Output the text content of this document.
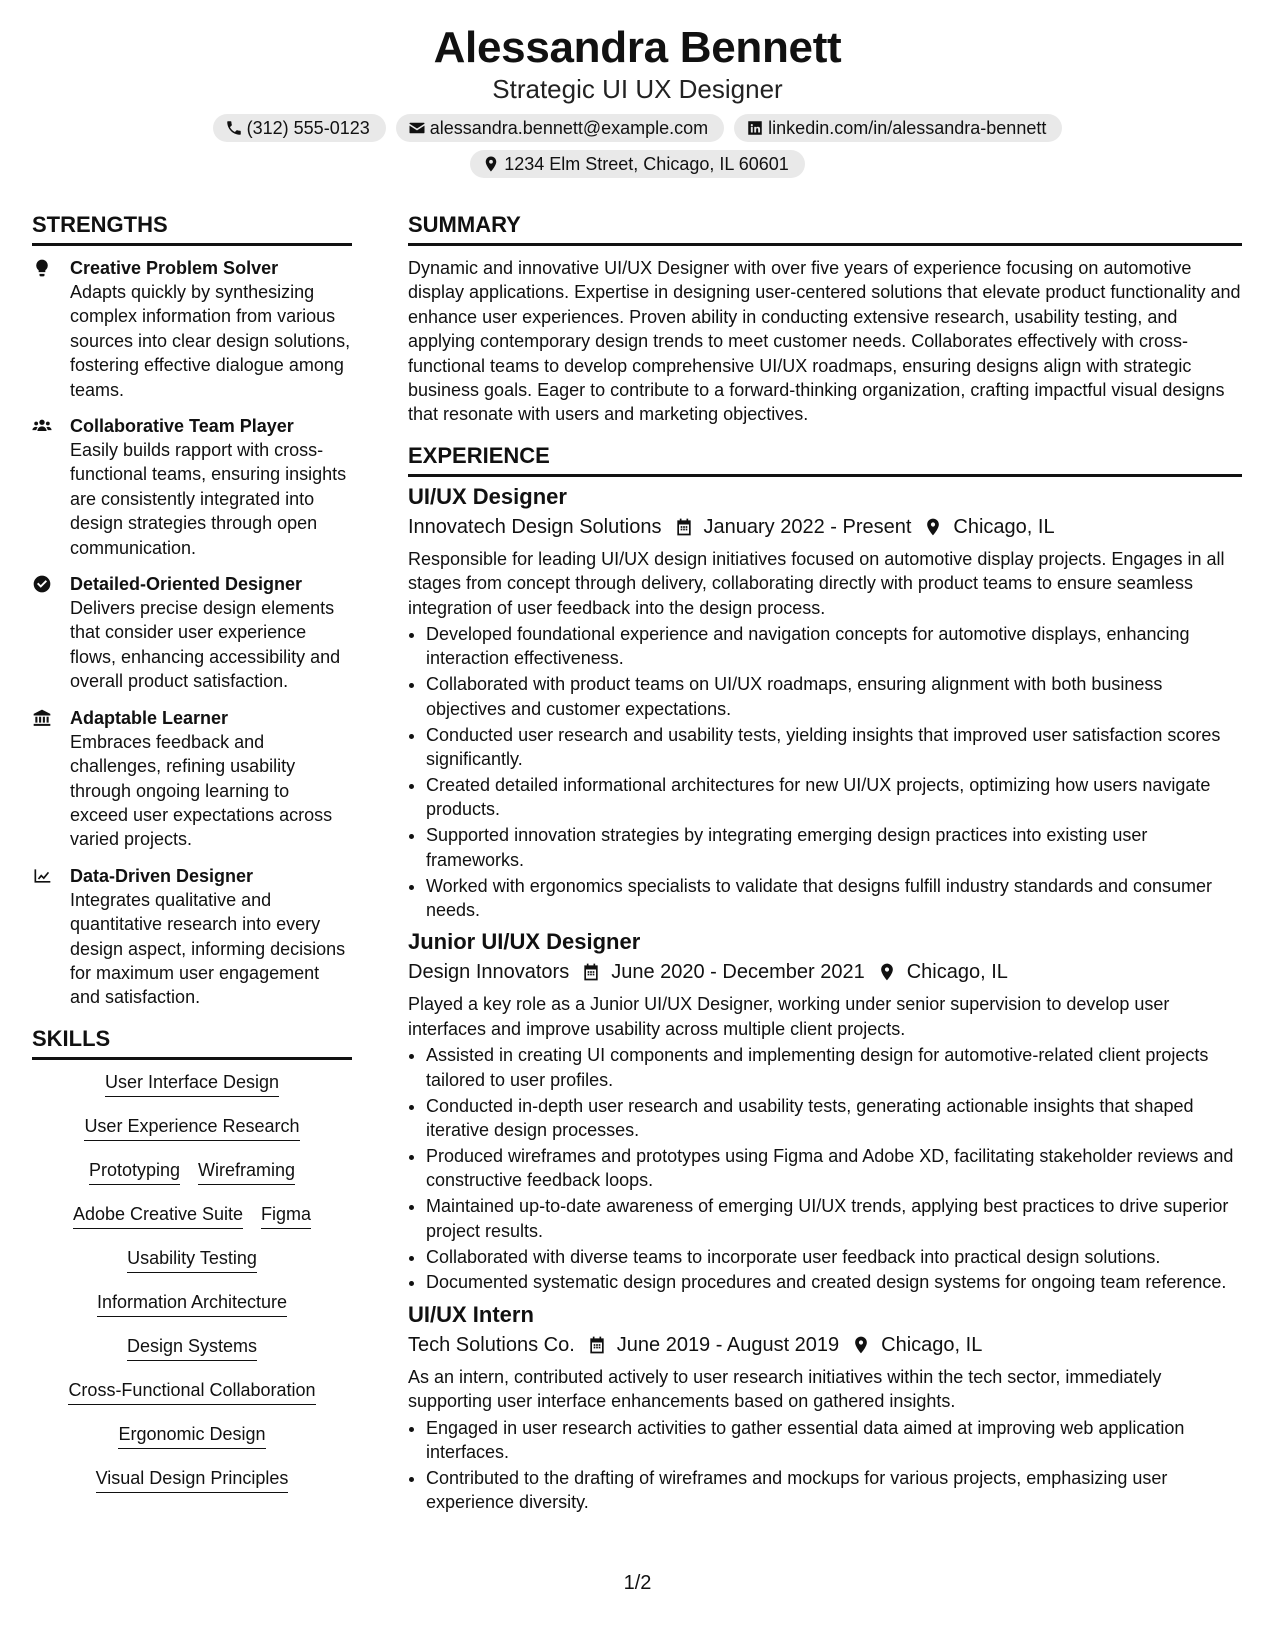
Alessandra Bennett
Strategic UI UX Designer
(312) 555-0123	alessandra.bennett@example.com	linkedin.com/in/alessandra-bennett
1234 Elm Street, Chicago, IL 60601
STRENGTHS
Creative Problem Solver
Adapts quickly by synthesizing complex information from various sources into clear design solutions, fostering effective dialogue among teams.
Collaborative Team Player
Easily builds rapport with cross-functional teams, ensuring insights are consistently integrated into design strategies through open communication.
Detailed-Oriented Designer
Delivers precise design elements that consider user experience flows, enhancing accessibility and overall product satisfaction.
Adaptable Learner
Embraces feedback and challenges, refining usability through ongoing learning to exceed user expectations across varied projects.
Data-Driven Designer
Integrates qualitative and quantitative research into every design aspect, informing decisions for maximum user engagement and satisfaction.
SKILLS
User Interface Design
User Experience Research
Prototyping Wireframing
Adobe Creative Suite Figma
Usability Testing
Information Architecture
Design Systems
Cross-Functional Collaboration
Ergonomic Design
Visual Design Principles
SUMMARY
Dynamic and innovative UI/UX Designer with over five years of experience focusing on automotive display applications. Expertise in designing user-centered solutions that elevate product functionality and enhance user experiences. Proven ability in conducting extensive research, usability testing, and applying contemporary design trends to meet customer needs. Collaborates effectively with cross-functional teams to develop comprehensive UI/UX roadmaps, ensuring designs align with strategic business goals. Eager to contribute to a forward-thinking organization, crafting impactful visual designs that resonate with users and marketing objectives.
EXPERIENCE
UI/UX Designer
Innovatech Design Solutions January 2022 - Present Chicago, IL
Responsible for leading UI/UX design initiatives focused on automotive display projects. Engages in all stages from concept through delivery, collaborating directly with product teams to ensure seamless integration of user feedback into the design process.
• Developed foundational experience and navigation concepts for automotive displays, enhancing interaction effectiveness.
• Collaborated with product teams on UI/UX roadmaps, ensuring alignment with both business objectives and customer expectations.
• Conducted user research and usability tests, yielding insights that improved user satisfaction scores significantly.
• Created detailed informational architectures for new UI/UX projects, optimizing how users navigate products.
• Supported innovation strategies by integrating emerging design practices into existing user frameworks.
• Worked with ergonomics specialists to validate that designs fulfill industry standards and consumer needs.
Junior UI/UX Designer
Design Innovators June 2020 - December 2021 Chicago, IL
Played a key role as a Junior UI/UX Designer, working under senior supervision to develop user interfaces and improve usability across multiple client projects.
• Assisted in creating UI components and implementing design for automotive-related client projects tailored to user profiles.
• Conducted in-depth user research and usability tests, generating actionable insights that shaped iterative design processes.
• Produced wireframes and prototypes using Figma and Adobe XD, facilitating stakeholder reviews and constructive feedback loops.
• Maintained up-to-date awareness of emerging UI/UX trends, applying best practices to drive superior project results.
• Collaborated with diverse teams to incorporate user feedback into practical design solutions.
• Documented systematic design procedures and created design systems for ongoing team reference.
UI/UX Intern
Tech Solutions Co. June 2019 - August 2019 Chicago, IL
As an intern, contributed actively to user research initiatives within the tech sector, immediately supporting user interface enhancements based on gathered insights.
• Engaged in user research activities to gather essential data aimed at improving web application interfaces.
• Contributed to the drafting of wireframes and mockups for various projects, emphasizing user experience diversity.
1/2
